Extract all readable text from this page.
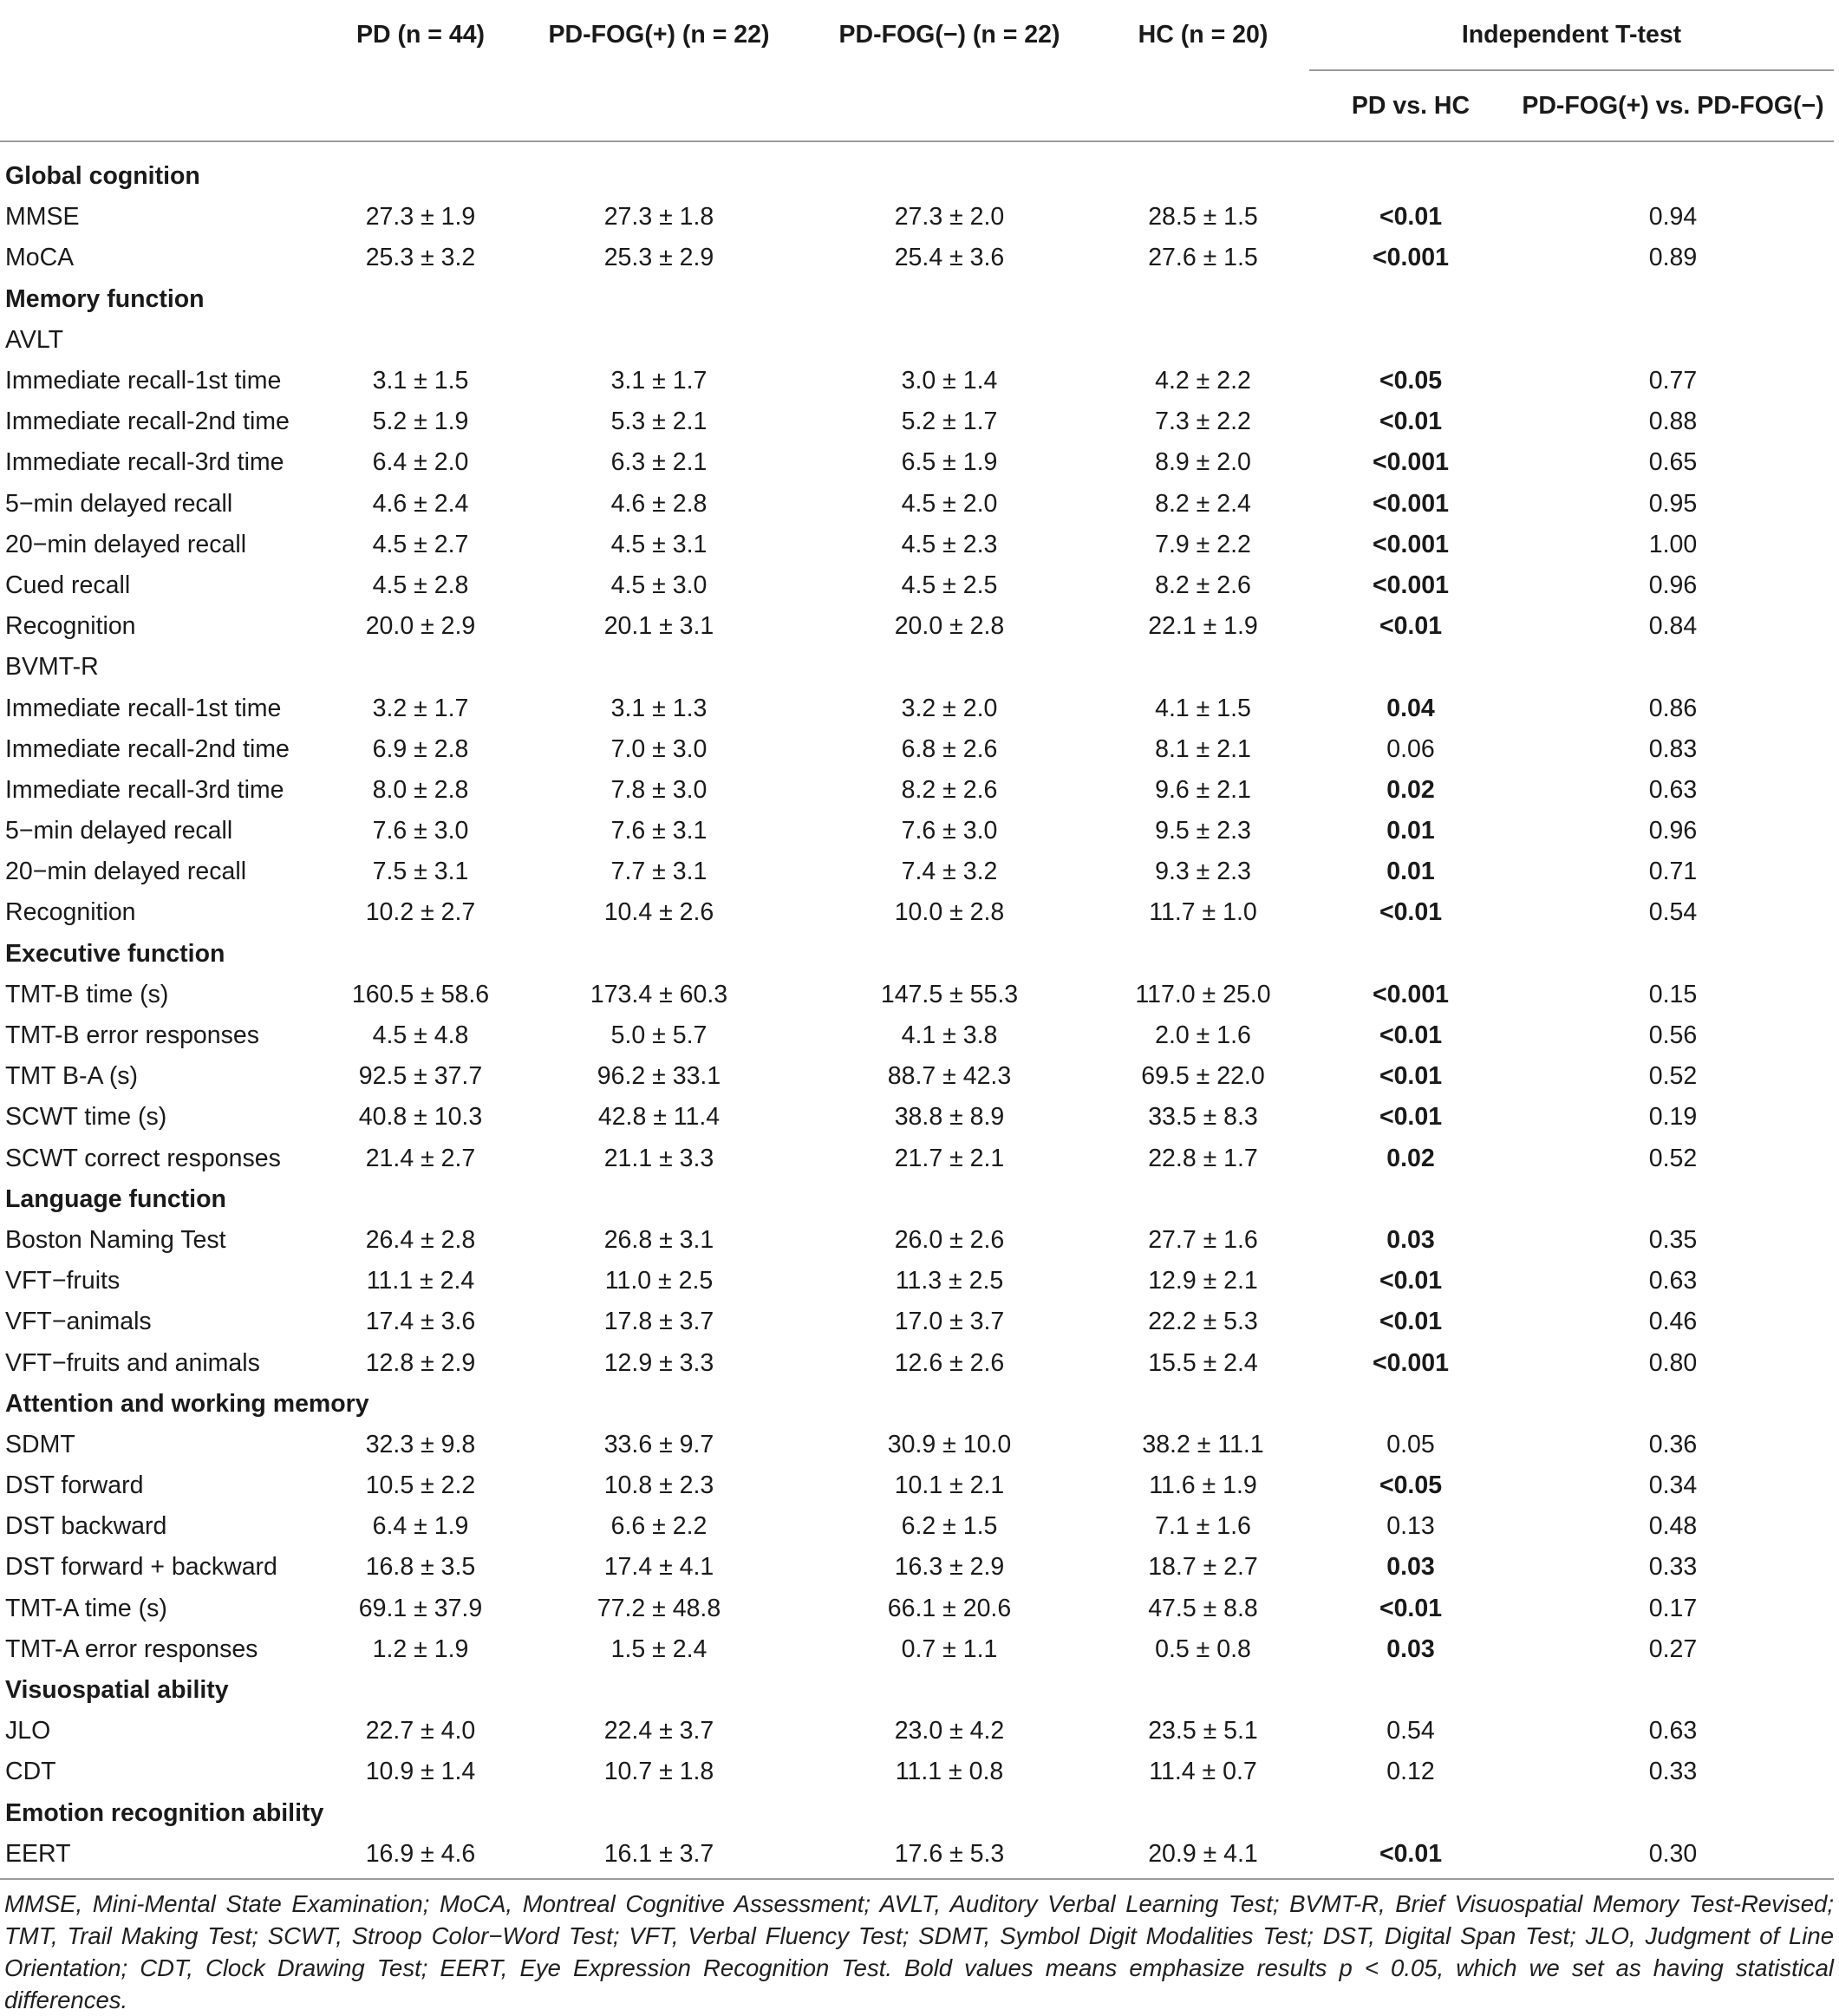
	PD (n = 44)	PD-FOG(+) (n = 22)	PD-FOG(−) (n = 22)	HC (n = 20)	Independent T-test	
					PD vs. HC	PD-FOG(+) vs. PD-FOG(−)
Global cognition						
MMSE	27.3 ± 1.9	27.3 ± 1.8	27.3 ± 2.0	28.5 ± 1.5	<0.01	0.94
MoCA	25.3 ± 3.2	25.3 ± 2.9	25.4 ± 3.6	27.6 ± 1.5	<0.001	0.89
Memory function						
AVLT						
Immediate recall-1st time	3.1 ± 1.5	3.1 ± 1.7	3.0 ± 1.4	4.2 ± 2.2	<0.05	0.77
Immediate recall-2nd time	5.2 ± 1.9	5.3 ± 2.1	5.2 ± 1.7	7.3 ± 2.2	<0.01	0.88
Immediate recall-3rd time	6.4 ± 2.0	6.3 ± 2.1	6.5 ± 1.9	8.9 ± 2.0	<0.001	0.65
5−min delayed recall	4.6 ± 2.4	4.6 ± 2.8	4.5 ± 2.0	8.2 ± 2.4	<0.001	0.95
20−min delayed recall	4.5 ± 2.7	4.5 ± 3.1	4.5 ± 2.3	7.9 ± 2.2	<0.001	1.00
Cued recall	4.5 ± 2.8	4.5 ± 3.0	4.5 ± 2.5	8.2 ± 2.6	<0.001	0.96
Recognition	20.0 ± 2.9	20.1 ± 3.1	20.0 ± 2.8	22.1 ± 1.9	<0.01	0.84
BVMT-R						
Immediate recall-1st time	3.2 ± 1.7	3.1 ± 1.3	3.2 ± 2.0	4.1 ± 1.5	0.04	0.86
Immediate recall-2nd time	6.9 ± 2.8	7.0 ± 3.0	6.8 ± 2.6	8.1 ± 2.1	0.06	0.83
Immediate recall-3rd time	8.0 ± 2.8	7.8 ± 3.0	8.2 ± 2.6	9.6 ± 2.1	0.02	0.63
5−min delayed recall	7.6 ± 3.0	7.6 ± 3.1	7.6 ± 3.0	9.5 ± 2.3	0.01	0.96
20−min delayed recall	7.5 ± 3.1	7.7 ± 3.1	7.4 ± 3.2	9.3 ± 2.3	0.01	0.71
Recognition	10.2 ± 2.7	10.4 ± 2.6	10.0 ± 2.8	11.7 ± 1.0	<0.01	0.54
Executive function						
TMT-B time (s)	160.5 ± 58.6	173.4 ± 60.3	147.5 ± 55.3	117.0 ± 25.0	<0.001	0.15
TMT-B error responses	4.5 ± 4.8	5.0 ± 5.7	4.1 ± 3.8	2.0 ± 1.6	<0.01	0.56
TMT B-A (s)	92.5 ± 37.7	96.2 ± 33.1	88.7 ± 42.3	69.5 ± 22.0	<0.01	0.52
SCWT time (s)	40.8 ± 10.3	42.8 ± 11.4	38.8 ± 8.9	33.5 ± 8.3	<0.01	0.19
SCWT correct responses	21.4 ± 2.7	21.1 ± 3.3	21.7 ± 2.1	22.8 ± 1.7	0.02	0.52
Language function						
Boston Naming Test	26.4 ± 2.8	26.8 ± 3.1	26.0 ± 2.6	27.7 ± 1.6	0.03	0.35
VFT−fruits	11.1 ± 2.4	11.0 ± 2.5	11.3 ± 2.5	12.9 ± 2.1	<0.01	0.63
VFT−animals	17.4 ± 3.6	17.8 ± 3.7	17.0 ± 3.7	22.2 ± 5.3	<0.01	0.46
VFT−fruits and animals	12.8 ± 2.9	12.9 ± 3.3	12.6 ± 2.6	15.5 ± 2.4	<0.001	0.80
Attention and working memory						
SDMT	32.3 ± 9.8	33.6 ± 9.7	30.9 ± 10.0	38.2 ± 11.1	0.05	0.36
DST forward	10.5 ± 2.2	10.8 ± 2.3	10.1 ± 2.1	11.6 ± 1.9	<0.05	0.34
DST backward	6.4 ± 1.9	6.6 ± 2.2	6.2 ± 1.5	7.1 ± 1.6	0.13	0.48
DST forward + backward	16.8 ± 3.5	17.4 ± 4.1	16.3 ± 2.9	18.7 ± 2.7	0.03	0.33
TMT-A time (s)	69.1 ± 37.9	77.2 ± 48.8	66.1 ± 20.6	47.5 ± 8.8	<0.01	0.17
TMT-A error responses	1.2 ± 1.9	1.5 ± 2.4	0.7 ± 1.1	0.5 ± 0.8	0.03	0.27
Visuospatial ability						
JLO	22.7 ± 4.0	22.4 ± 3.7	23.0 ± 4.2	23.5 ± 5.1	0.54	0.63
CDT	10.9 ± 1.4	10.7 ± 1.8	11.1 ± 0.8	11.4 ± 0.7	0.12	0.33
Emotion recognition ability						
EERT	16.9 ± 4.6	16.1 ± 3.7	17.6 ± 5.3	20.9 ± 4.1	<0.01	0.30
MMSE, Mini-Mental State Examination; MoCA, Montreal Cognitive Assessment; AVLT, Auditory Verbal Learning Test; BVMT-R, Brief Visuospatial Memory Test-Revised; TMT, Trail Making Test; SCWT, Stroop Color−Word Test; VFT, Verbal Fluency Test; SDMT, Symbol Digit Modalities Test; DST, Digital Span Test; JLO, Judgment of Line Orientation; CDT, Clock Drawing Test; EERT, Eye Expression Recognition Test. Bold values means emphasize results p < 0.05, which we set as having statistical differences.
